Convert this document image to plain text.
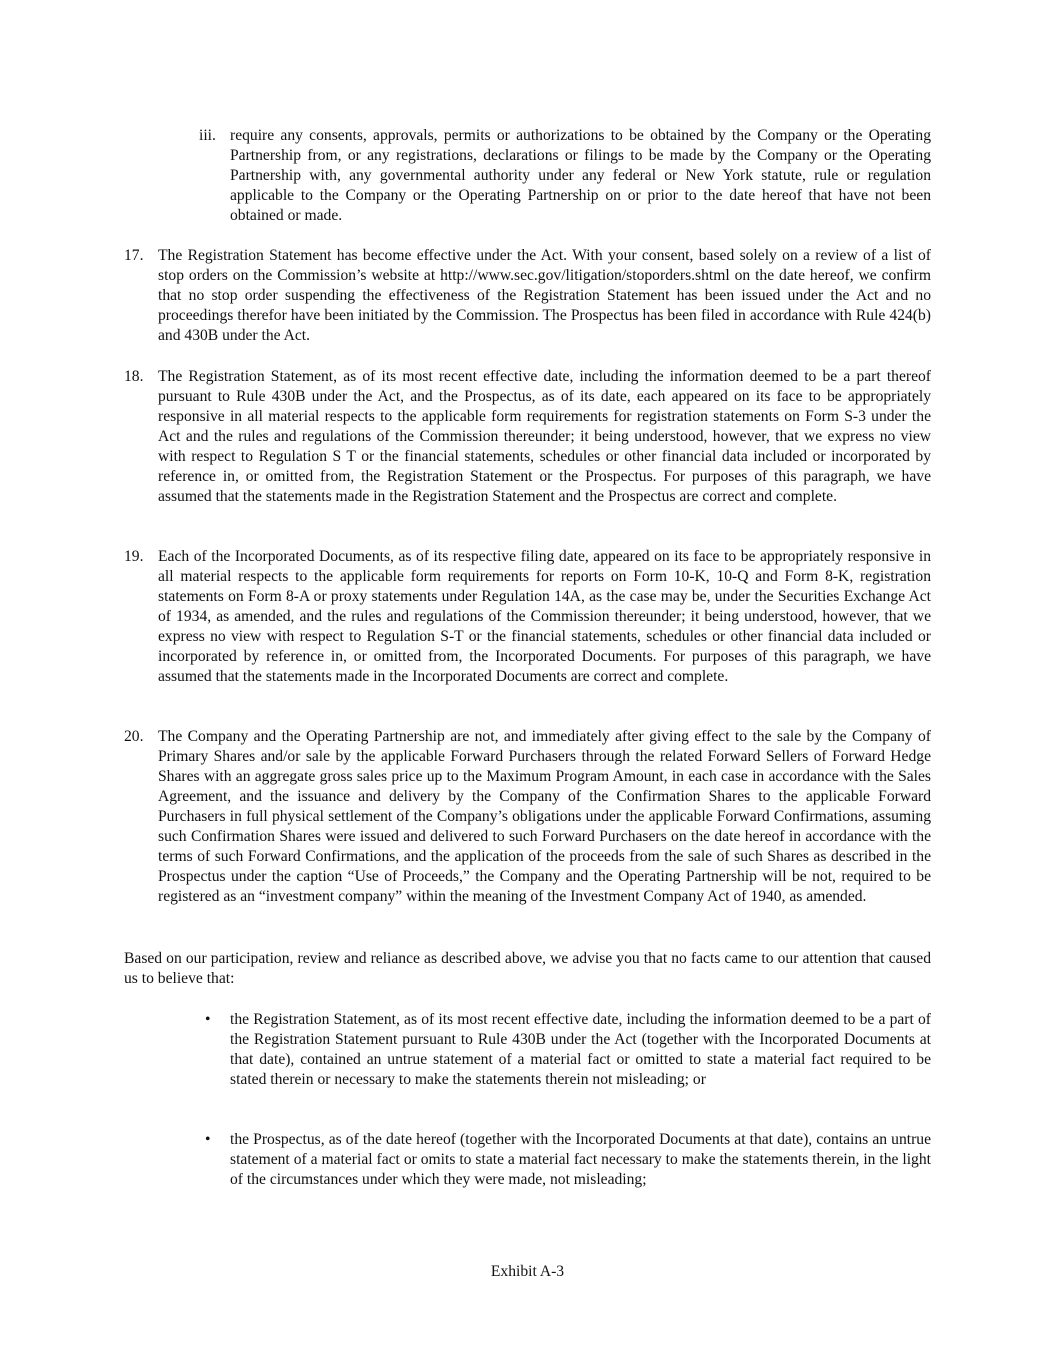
iii. require any consents, approvals, permits or authorizations to be obtained by the Company or the Operating Partnership from, or any registrations, declarations or filings to be made by the Company or the Operating Partnership with, any governmental authority under any federal or New York statute, rule or regulation applicable to the Company or the Operating Partnership on or prior to the date hereof that have not been obtained or made.

17. The Registration Statement has become effective under the Act. With your consent, based solely on a review of a list of stop orders on the Commission’s website at http://www.sec.gov/litigation/stoporders.shtml on the date hereof, we confirm that no stop order suspending the effectiveness of the Registration Statement has been issued under the Act and no proceedings therefor have been initiated by the Commission. The Prospectus has been filed in accordance with Rule 424(b) and 430B under the Act.

18. The Registration Statement, as of its most recent effective date, including the information deemed to be a part thereof pursuant to Rule 430B under the Act, and the Prospectus, as of its date, each appeared on its face to be appropriately responsive in all material respects to the applicable form requirements for registration statements on Form S-3 under the Act and the rules and regulations of the Commission thereunder; it being understood, however, that we express no view with respect to Regulation S T or the financial statements, schedules or other financial data included or incorporated by reference in, or omitted from, the Registration Statement or the Prospectus. For purposes of this paragraph, we have assumed that the statements made in the Registration Statement and the Prospectus are correct and complete.

19. Each of the Incorporated Documents, as of its respective filing date, appeared on its face to be appropriately responsive in all material respects to the applicable form requirements for reports on Form 10-K, 10-Q and Form 8-K, registration statements on Form 8-A or proxy statements under Regulation 14A, as the case may be, under the Securities Exchange Act of 1934, as amended, and the rules and regulations of the Commission thereunder; it being understood, however, that we express no view with respect to Regulation S-T or the financial statements, schedules or other financial data included or incorporated by reference in, or omitted from, the Incorporated Documents. For purposes of this paragraph, we have assumed that the statements made in the Incorporated Documents are correct and complete.

20. The Company and the Operating Partnership are not, and immediately after giving effect to the sale by the Company of Primary Shares and/or sale by the applicable Forward Purchasers through the related Forward Sellers of Forward Hedge Shares with an aggregate gross sales price up to the Maximum Program Amount, in each case in accordance with the Sales Agreement, and the issuance and delivery by the Company of the Confirmation Shares to the applicable Forward Purchasers in full physical settlement of the Company’s obligations under the applicable Forward Confirmations, assuming such Confirmation Shares were issued and delivered to such Forward Purchasers on the date hereof in accordance with the terms of such Forward Confirmations, and the application of the proceeds from the sale of such Shares as described in the Prospectus under the caption “Use of Proceeds,” the Company and the Operating Partnership will be not, required to be registered as an “investment company” within the meaning of the Investment Company Act of 1940, as amended.

Based on our participation, review and reliance as described above, we advise you that no facts came to our attention that caused us to believe that:

• the Registration Statement, as of its most recent effective date, including the information deemed to be a part of the Registration Statement pursuant to Rule 430B under the Act (together with the Incorporated Documents at that date), contained an untrue statement of a material fact or omitted to state a material fact required to be stated therein or necessary to make the statements therein not misleading; or

• the Prospectus, as of the date hereof (together with the Incorporated Documents at that date), contains an untrue statement of a material fact or omits to state a material fact necessary to make the statements therein, in the light of the circumstances under which they were made, not misleading;

Exhibit A-3
